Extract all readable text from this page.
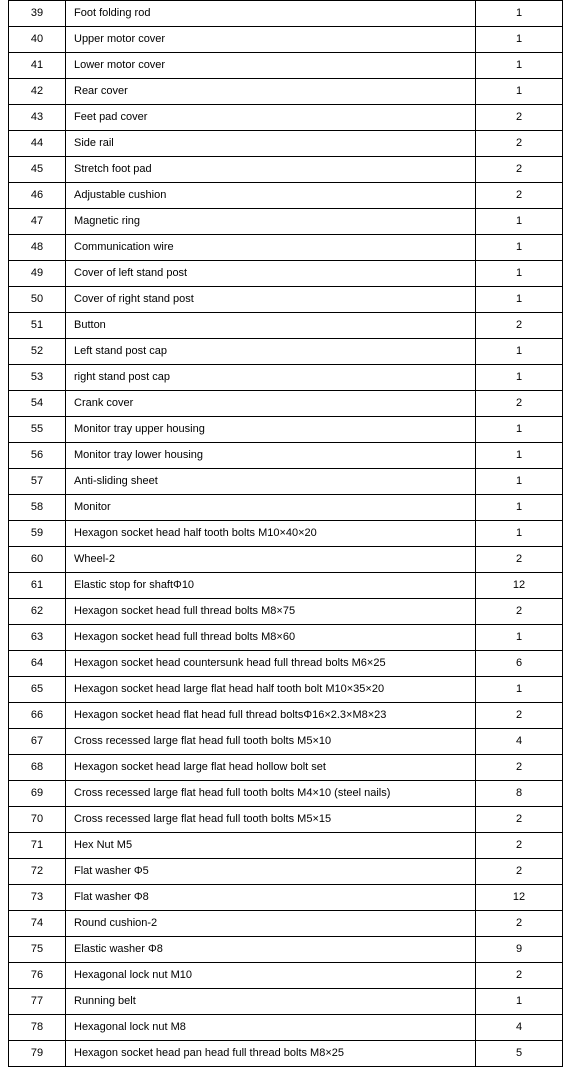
39	Foot folding rod	1
40	Upper motor cover	1
41	Lower motor cover	1
42	Rear cover	1
43	Feet pad cover	2
44	Side rail	2
45	Stretch foot pad	2
46	Adjustable cushion	2
47	Magnetic ring	1
48	Communication wire	1
49	Cover of left stand post	1
50	Cover of right stand post	1
51	Button	2
52	Left stand post cap	1
53	right stand post cap	1
54	Crank cover	2
55	Monitor tray upper housing	1
56	Monitor tray lower housing	1
57	Anti-sliding sheet	1
58	Monitor	1
59	Hexagon socket head half tooth bolts M10×40×20	1
60	Wheel-2	2
61	Elastic stop for shaftΦ10	12
62	Hexagon socket head full thread bolts M8×75	2
63	Hexagon socket head full thread bolts M8×60	1
64	Hexagon socket head countersunk head full thread bolts M6×25	6
65	Hexagon socket head large flat head half tooth bolt M10×35×20	1
66	Hexagon socket head flat head full thread boltsΦ16×2.3×M8×23	2
67	Cross recessed large flat head full tooth bolts M5×10	4
68	Hexagon socket head large flat head hollow bolt set	2
69	Cross recessed large flat head full tooth bolts M4×10 (steel nails)	8
70	Cross recessed large flat head full tooth bolts M5×15	2
71	Hex Nut M5	2
72	Flat washer Φ5	2
73	Flat washer Φ8	12
74	Round cushion-2	2
75	Elastic washer Φ8	9
76	Hexagonal lock nut M10	2
77	Running belt	1
78	Hexagonal lock nut M8	4
79	Hexagon socket head pan head full thread bolts M8×25	5
